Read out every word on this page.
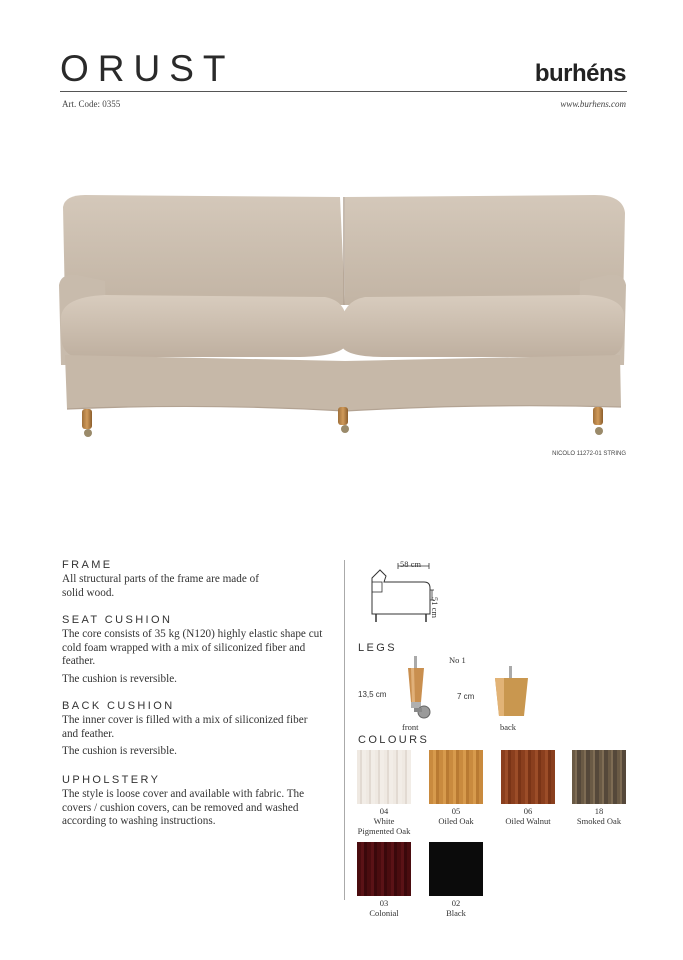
ORUST	burhéns
Art. Code: 0355	www.burhens.com
NICOLO 11272-01 STRING
FRAME

All structural parts of the frame are made of solid wood.

SEAT CUSHION

The core consists of 35 kg (N120) highly elastic shape cut cold foam wrapped with a mix of siliconized fiber and feather.

The cushion is reversible.

BACK CUSHION

The inner cover is filled with a mix of siliconized fiber and feather.

The cushion is reversible.

UPHOLSTERY

The style is loose cover and available with fabric. The covers / cushion covers, can be removed and washed according to washing instructions.

58 cm
51 cm
LEGS
No 1
13,5 cm
front
7 cm
back
COLOURS
04
White
Pigmented Oak
05
Oiled Oak
06
Oiled Walnut
18
Smoked Oak
03
Colonial
02
Black
